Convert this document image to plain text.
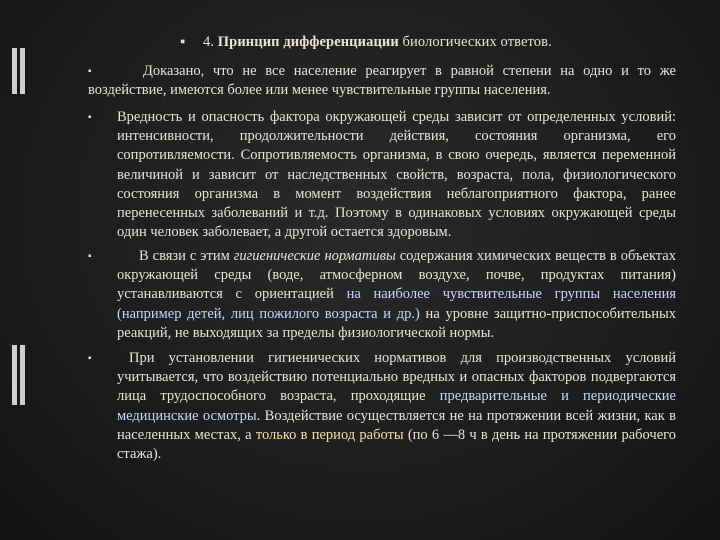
▪ 4. Принцип дифференциации биологических ответов.
▪	Доказано, что не все население реагирует в равной степени на одно и то же воздействие, имеются более или менее чувствительные группы населения.
▪ Вредность и опасность фактора окружающей среды зависит от определенных условий: интенсивности, продолжительности действия, состояния организма, его сопротивляемости. Сопротивляемость организма, в свою очередь, является переменной величиной и зависит от наследственных свойств, возраста, пола, физиологического состояния организма в момент воздействия неблагоприятного фактора, ранее перенесенных заболеваний и т.д. Поэтому в одинаковых условиях окружающей среды один человек заболевает, а другой остается здоровым.
▪	В связи с этим гигиенические нормативы содержания химических веществ в объектах окружающей среды (воде, атмосферном воздухе, почве, продуктах питания) устанавливаются с ориентацией на наиболее чувствительные группы населения (например детей, лиц пожилого возраста и др.) на уровне защитно-приспособительных реакций, не выходящих за пределы физиологической нормы.
▪	При установлении гигиенических нормативов для производственных условий учитывается, что воздействию потенциально вредных и опасных факторов подвергаются лица трудоспособного возраста, проходящие предварительные и периодические медицинские осмотры. Воздействие осуществляется не на протяжении всей жизни, как в населенных местах, а только в период работы (по 6 —8 ч в день на протяжении рабочего стажа).
